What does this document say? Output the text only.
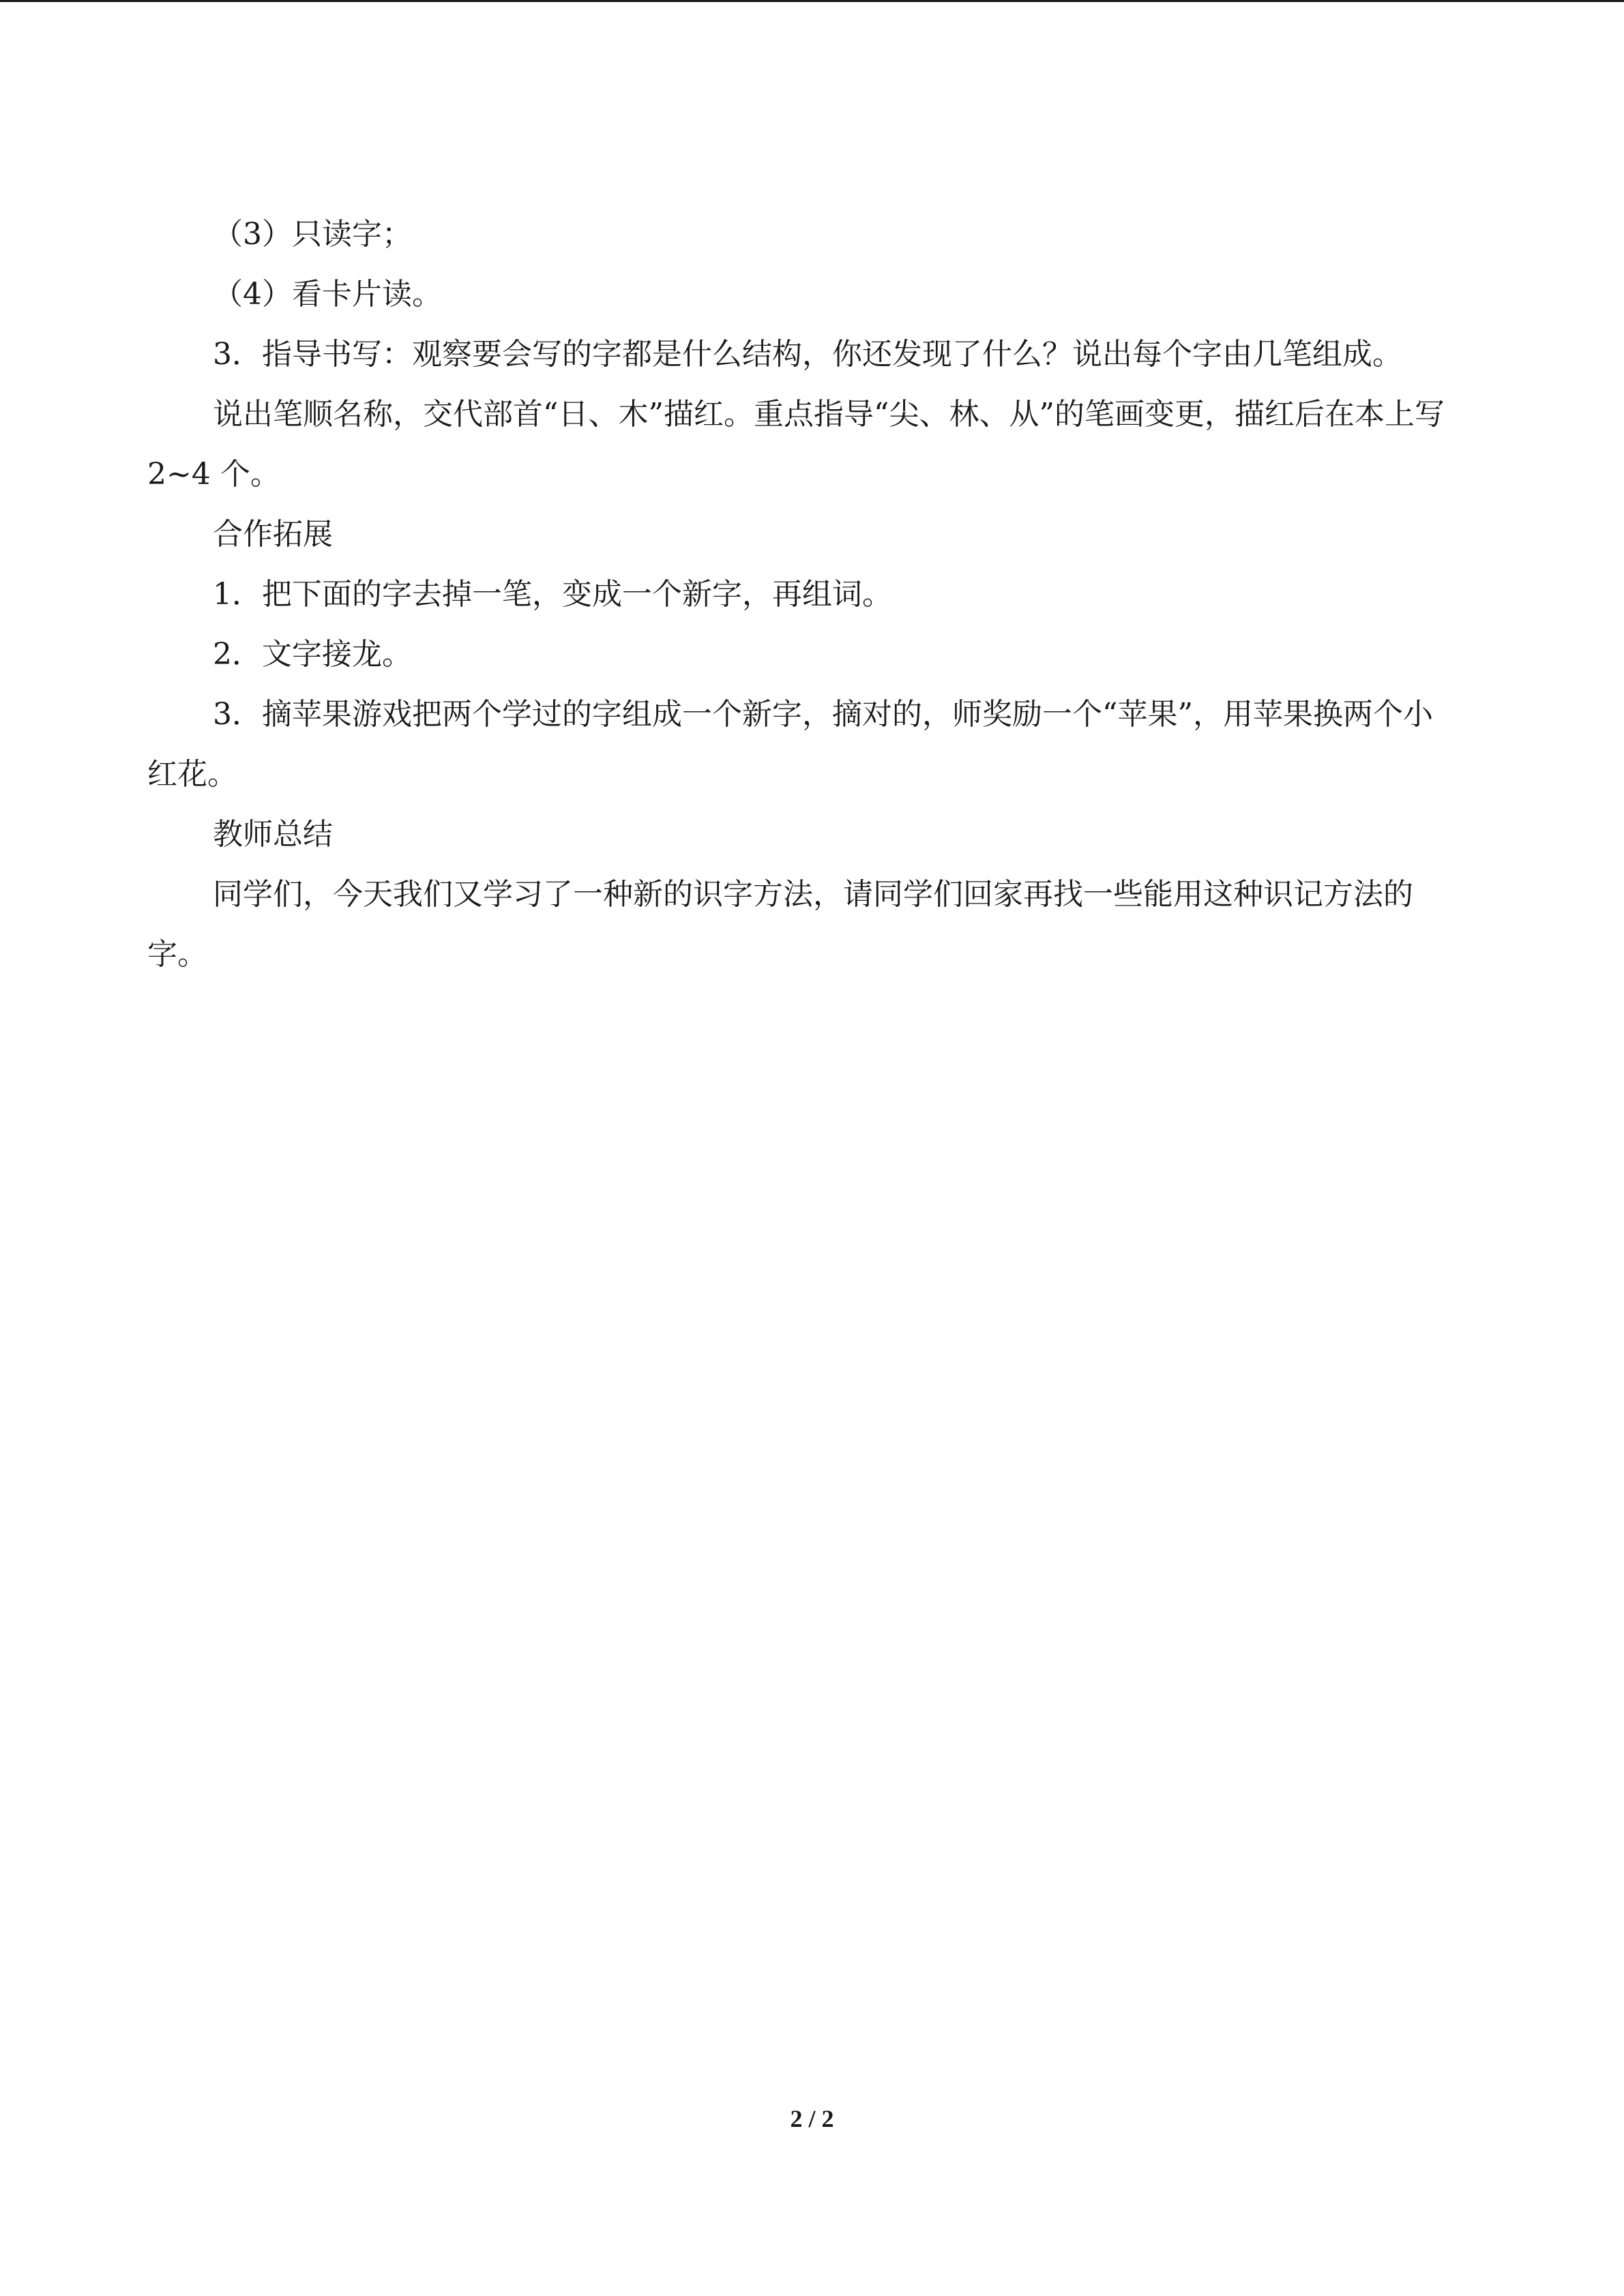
（3）只读字；

（4）看卡片读。

3．指导书写：观察要会写的字都是什么结构，你还发现了什么？说出每个字由几笔组成。

说出笔顺名称，交代部首“日、木”描红。重点指导“尖、林、从”的笔画变更，描红后在本上写 2~4 个。

合作拓展

1．把下面的字去掉一笔，变成一个新字，再组词。

2．文字接龙。

3．摘苹果游戏把两个学过的字组成一个新字，摘对的，师奖励一个“苹果”，用苹果换两个小红花。

教师总结

同学们，今天我们又学习了一种新的识字方法，请同学们回家再找一些能用这种识记方法的字。

2 / 2
